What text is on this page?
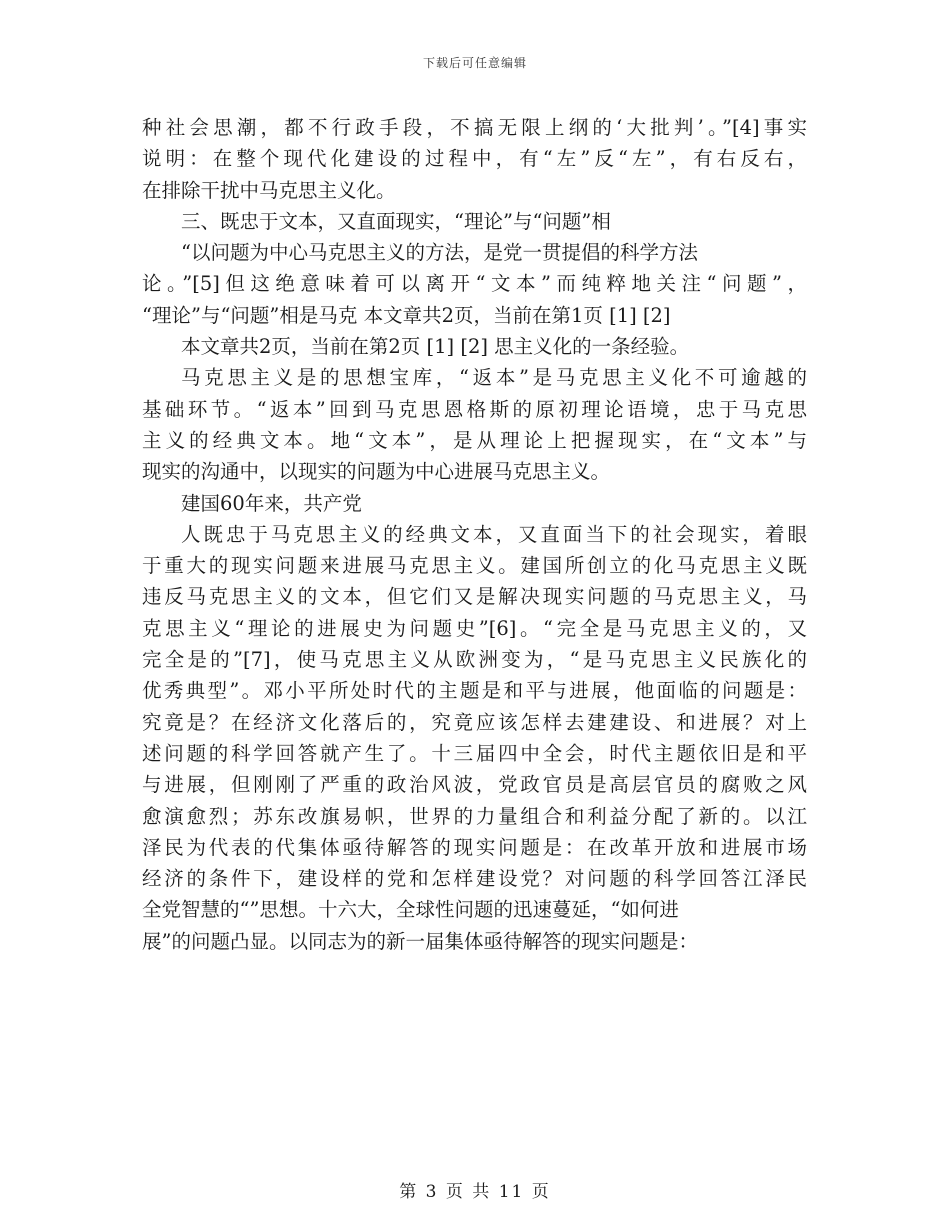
下载后可任意编辑
种社会思潮，都不行政手段，不搞无限上纲的‘大批判’。”[4]事实
说明：在整个现代化建设的过程中，有“左”反“左”，有右反右，
在排除干扰中马克思主义化。
三、既忠于文本，又直面现实，“理论”与“问题”相
“以问题为中心马克思主义的方法，是党一贯提倡的科学方法
论。”[5]但这绝意味着可以离开“文本”而纯粹地关注“问题”，
“理论”与“问题”相是马克 本文章共2页，当前在第1页 [1] [2]
本文章共2页，当前在第2页 [1] [2] 思主义化的一条经验。
马克思主义是的思想宝库，“返本”是马克思主义化不可逾越的
基础环节。“返本”回到马克思恩格斯的原初理论语境，忠于马克思
主义的经典文本。地“文本”，是从理论上把握现实，在“文本”与
现实的沟通中，以现实的问题为中心进展马克思主义。
建国60年来，共产党
人既忠于马克思主义的经典文本，又直面当下的社会现实，着眼
于重大的现实问题来进展马克思主义。建国所创立的化马克思主义既
违反马克思主义的文本，但它们又是解决现实问题的马克思主义，马
克思主义“理论的进展史为问题史”[6]。“完全是马克思主义的，又
完全是的”[7]，使马克思主义从欧洲变为，“是马克思主义民族化的
优秀典型”。邓小平所处时代的主题是和平与进展，他面临的问题是：
究竟是？在经济文化落后的，究竟应该怎样去建建设、和进展？对上
述问题的科学回答就产生了。十三届四中全会，时代主题依旧是和平
与进展，但刚刚了严重的政治风波，党政官员是高层官员的腐败之风
愈演愈烈；苏东改旗易帜，世界的力量组合和利益分配了新的。以江
泽民为代表的代集体亟待解答的现实问题是：在改革开放和进展市场
经济的条件下，建设样的党和怎样建设党？对问题的科学回答江泽民
全党智慧的“”思想。十六大，全球性问题的迅速蔓延，“如何进
展”的问题凸显。以同志为的新一届集体亟待解答的现实问题是：
第 3 页 共 11 页
